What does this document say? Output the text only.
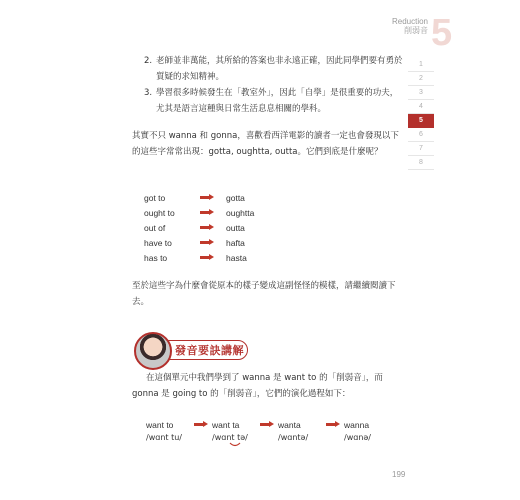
Reduction
削弱音 5
1
2
3
4
5
6
7
8
2. 老師並非萬能，其所給的答案也非永遠正確，因此同學們要有勇於質疑的求知精神。
3. 學習很多時候發生在「教室外」，因此「自學」是很重要的功夫，尤其是語言這種與日常生活息息相關的學科。
其實不只 wanna 和 gonna，喜歡看西洋電影的讀者一定也會發現以下的這些字常常出現：gotta, oughtta, outta。它們到底是什麼呢？
got to	gotta
ought to	oughtta
out of	outta
have to	hafta
has to	hasta
至於這些字為什麼會從原本的樣子變成這副怪怪的模樣，請繼續閱讀下去。
發音要訣講解
在這個單元中我們學到了 wanna 是 want to 的「削弱音」，而 gonna 是 going to 的「削弱音」，它們的演化過程如下：
want to	want ta	wanta	wanna
/wɑnt tu/	/wɑnt tə/	/wɑntə/	/wɑnə/
199
